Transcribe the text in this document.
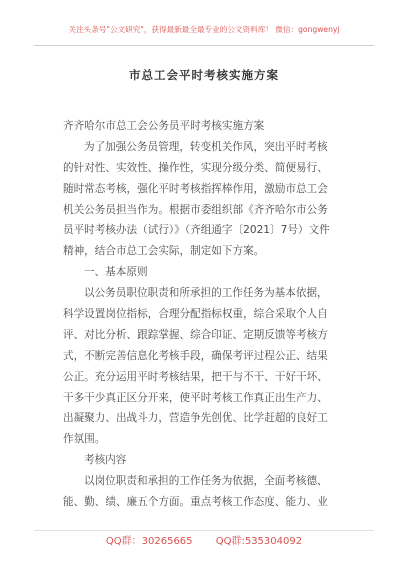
关注头条号"公文研究"，获得最新最全最专业的公文资料库！ 微信：gongwenyj
市总工会平时考核实施方案
齐齐哈尔市总工会公务员平时考核实施方案
为了加强公务员管理，转变机关作风，突出平时考核
的针对性、实效性、操作性，实现分级分类、简便易行、
随时常态考核，强化平时考核指挥棒作用，激励市总工会
机关公务员担当作为。根据市委组织部《齐齐哈尔市公务
员平时考核办法（试行）》（齐组通字〔2021〕7号）文件
精神，结合市总工会实际，制定如下方案。
一、基本原则
以公务员职位职责和所承担的工作任务为基本依据，
科学设置岗位指标，合理分配指标权重，综合采取个人自
评、对比分析、跟踪掌握、综合印证、定期反馈等考核方
式，不断完善信息化考核手段，确保考评过程公正、结果
公正。充分运用平时考核结果，把干与不干、干好干坏、
干多干少真正区分开来，使平时考核工作真正出生产力、
出凝聚力、出战斗力，营造争先创优、比学赶超的良好工
作氛围。
考核内容
以岗位职责和承担的工作任务为依据，全面考核德、
能、勤、绩、廉五个方面。重点考核工作态度、能力、业
QQ群：30265665 QQ群:535304092
